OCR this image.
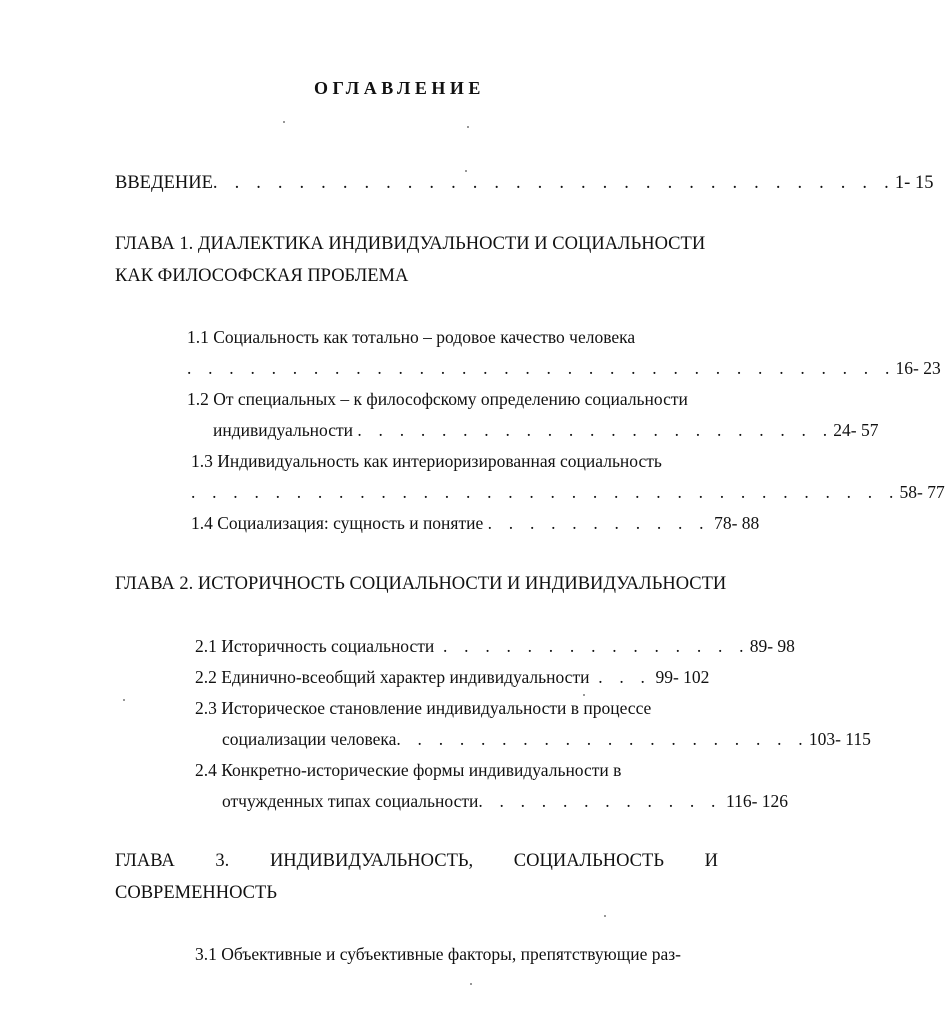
ОГЛАВЛЕНИЕ
ВВЕДЕНИЕ. . . . . . . . . . . . . . . . . . . . . . . . . . . . . . . .1- 15
ГЛАВА 1. ДИАЛЕКТИКА ИНДИВИДУАЛЬНОСТИ И СОЦИАЛЬНОСТИ
КАК ФИЛОСОФСКАЯ ПРОБЛЕМА
1.1 Социальность как тотально – родовое качество человека
. . . . . . . . . . . . . . . . . . . . . . . . . . . . . . . . . .16- 23
1.2 От специальных – к философскому определению социальности
индивидуальности . . . . . . . . . . . . . . . . . . . . . . .24- 57
1.3 Индивидуальность как интериоризированная социальность
. . . . . . . . . . . . . . . . . . . . . . . . . . . . . . . . . .58- 77
1.4 Социализация: сущность и понятие . . . . . . . . . . . 78- 88
ГЛАВА 2. ИСТОРИЧНОСТЬ СОЦИАЛЬНОСТИ И ИНДИВИДУАЛЬНОСТИ
2.1 Историчность социальности . . . . . . . . . . . . . . .89- 98
2.2 Единично-всеобщий характер индивидуальности . . . 99- 102
2.3 Историческое становление индивидуальности в процессе
социализации человека. . . . . . . . . . . . . . . . . . . .103- 115
2.4 Конкретно-исторические формы индивидуальности в
отчужденных типах социальности. . . . . . . . . . . . 116- 126
ГЛАВА 3. ИНДИВИДУАЛЬНОСТЬ, СОЦИАЛЬНОСТЬ И
СОВРЕМЕННОСТЬ
3.1 Объективные и субъективные факторы, препятствующие раз-
